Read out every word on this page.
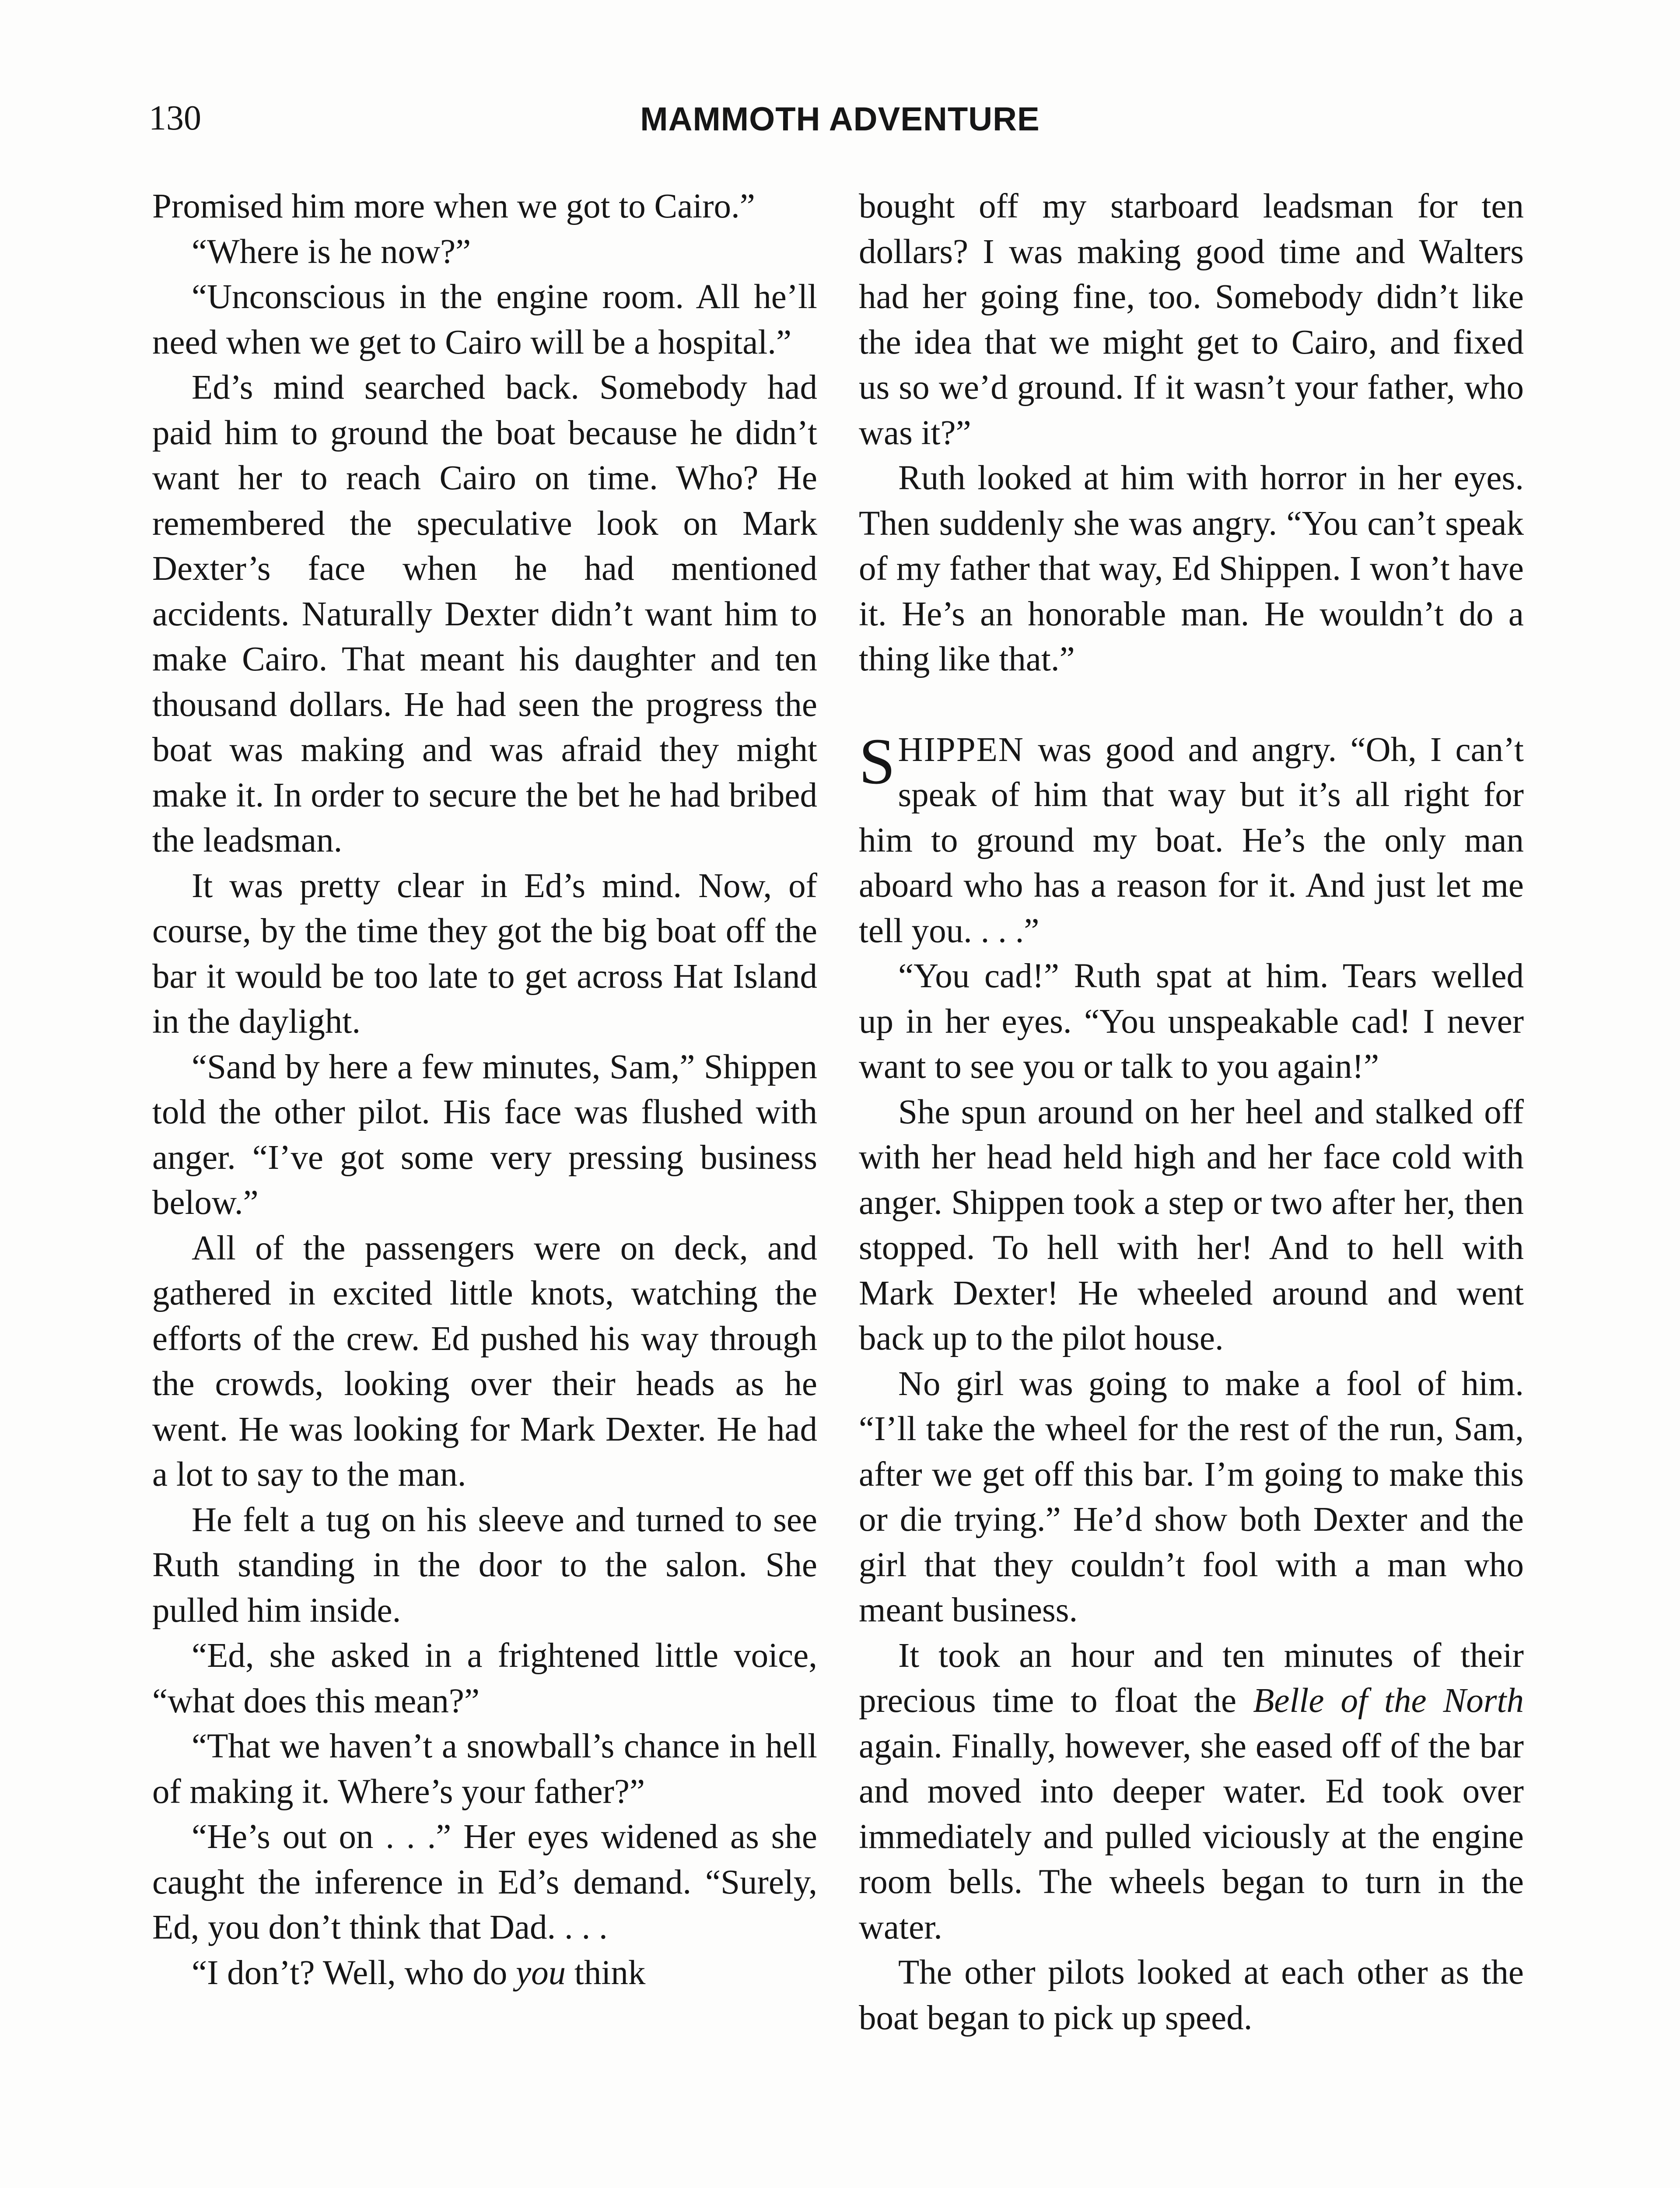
130	MAMMOTH ADVENTURE

Promised him more when we got to Cairo.”

“Where is he now?”

“Unconscious in the engine room. All he’ll need when we get to Cairo will be a hospital.”

Ed’s mind searched back. Somebody had paid him to ground the boat because he didn’t want her to reach Cairo on time. Who? He remembered the speculative look on Mark Dexter’s face when he had mentioned accidents. Naturally Dexter didn’t want him to make Cairo. That meant his daughter and ten thousand dollars. He had seen the progress the boat was making and was afraid they might make it. In order to secure the bet he had bribed the leadsman.

It was pretty clear in Ed’s mind. Now, of course, by the time they got the big boat off the bar it would be too late to get across Hat Island in the daylight.

“Sand by here a few minutes, Sam,” Shippen told the other pilot. His face was flushed with anger. “I’ve got some very pressing business below.”

All of the passengers were on deck, and gathered in excited little knots, watching the efforts of the crew. Ed pushed his way through the crowds, looking over their heads as he went. He was looking for Mark Dexter. He had a lot to say to the man.

He felt a tug on his sleeve and turned to see Ruth standing in the door to the salon. She pulled him inside.

“Ed, she asked in a frightened little voice, “what does this mean?”

“That we haven’t a snowball’s chance in hell of making it. Where’s your father?”

“He’s out on . . .” Her eyes widened as she caught the inference in Ed’s demand. “Surely, Ed, you don’t think that Dad. . . .

“I don’t? Well, who do you think

bought off my starboard leadsman for ten dollars? I was making good time and Walters had her going fine, too. Somebody didn’t like the idea that we might get to Cairo, and fixed us so we’d ground. If it wasn’t your father, who was it?”

Ruth looked at him with horror in her eyes. Then suddenly she was angry. “You can’t speak of my father that way, Ed Shippen. I won’t have it. He’s an honorable man. He wouldn’t do a thing like that.”

SHIPPEN was good and angry. “Oh, I can’t speak of him that way but it’s all right for him to ground my boat. He’s the only man aboard who has a reason for it. And just let me tell you. . . .”

“You cad!” Ruth spat at him. Tears welled up in her eyes. “You unspeakable cad! I never want to see you or talk to you again!”

She spun around on her heel and stalked off with her head held high and her face cold with anger. Shippen took a step or two after her, then stopped. To hell with her! And to hell with Mark Dexter! He wheeled around and went back up to the pilot house.

No girl was going to make a fool of him. “I’ll take the wheel for the rest of the run, Sam, after we get off this bar. I’m going to make this or die trying.” He’d show both Dexter and the girl that they couldn’t fool with a man who meant business.

It took an hour and ten minutes of their precious time to float the Belle of the North again. Finally, however, she eased off of the bar and moved into deeper water. Ed took over immediately and pulled viciously at the engine room bells. The wheels began to turn in the water.

The other pilots looked at each other as the boat began to pick up speed.
